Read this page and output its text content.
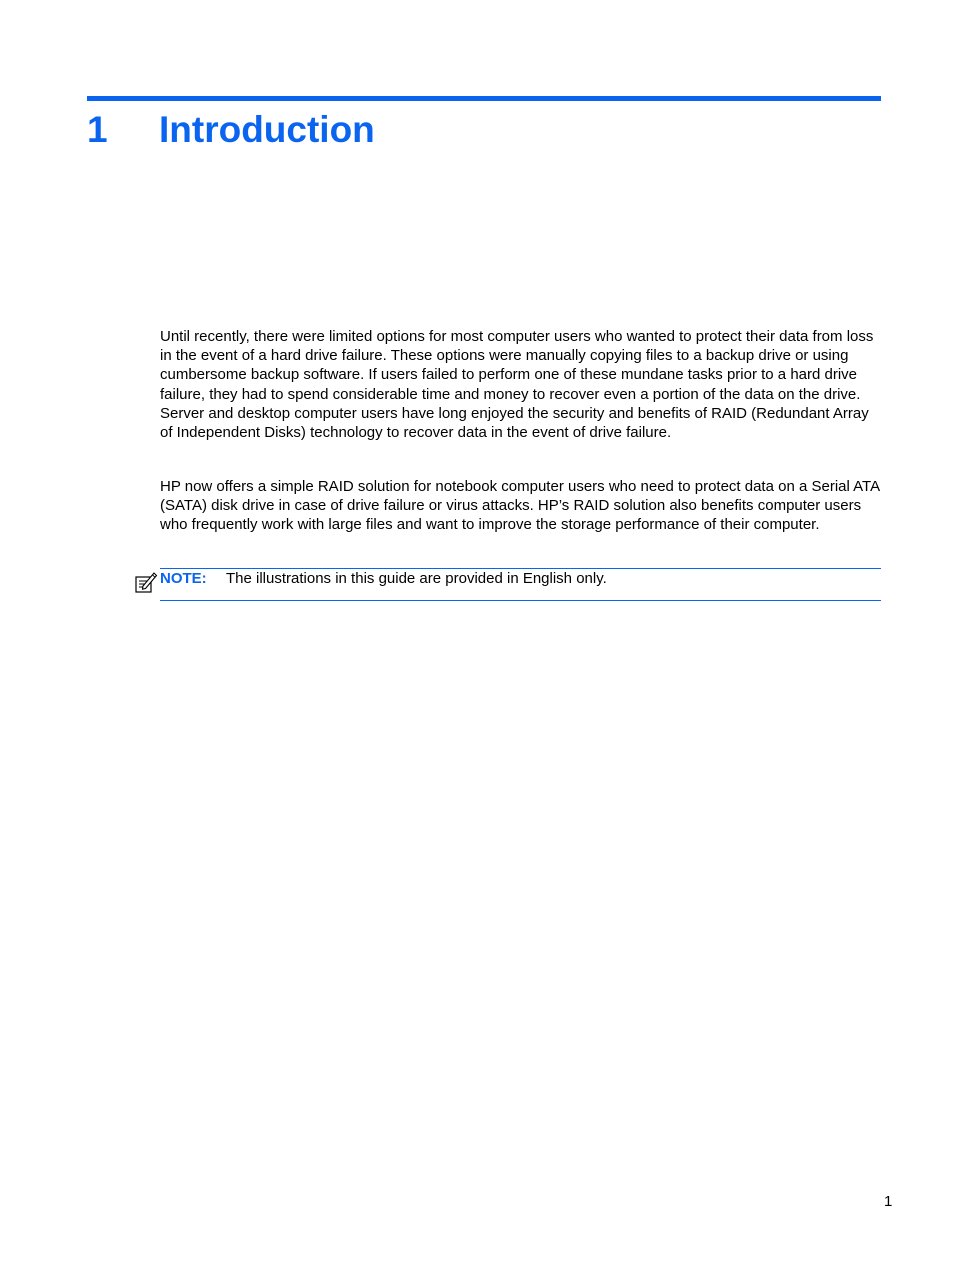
1 Introduction

Until recently, there were limited options for most computer users who wanted to protect their data from loss in the event of a hard drive failure. These options were manually copying files to a backup drive or using cumbersome backup software. If users failed to perform one of these mundane tasks prior to a hard drive failure, they had to spend considerable time and money to recover even a portion of the data on the drive. Server and desktop computer users have long enjoyed the security and benefits of RAID (Redundant Array of Independent Disks) technology to recover data in the event of drive failure.

HP now offers a simple RAID solution for notebook computer users who need to protect data on a Serial ATA (SATA) disk drive in case of drive failure or virus attacks. HP’s RAID solution also benefits computer users who frequently work with large files and want to improve the storage performance of their computer.

NOTE: The illustrations in this guide are provided in English only.
1
